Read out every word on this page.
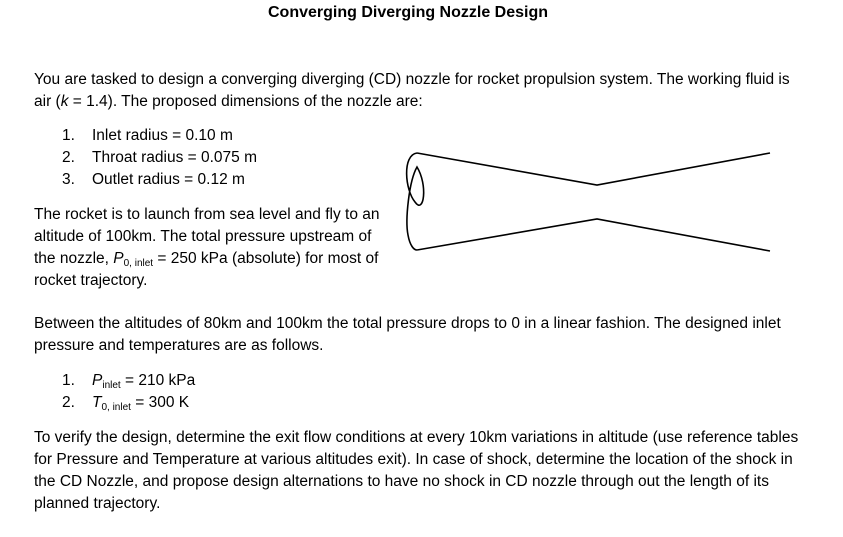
Converging Diverging Nozzle Design

You are tasked to design a converging diverging (CD) nozzle for rocket propulsion system. The working fluid is air (k = 1.4). The proposed dimensions of the nozzle are:

1.	Inlet radius = 0.10 m
2.	Throat radius = 0.075 m
3.	Outlet radius = 0.12 m

The rocket is to launch from sea level and fly to an altitude of 100km. The total pressure upstream of the nozzle, $P_{0, inlet} = 250$ kPa (absolute) for most of rocket trajectory.

Between the altitudes of 80km and 100km the total pressure drops to 0 in a linear fashion. The designed inlet pressure and temperatures are as follows.

1.	$P_{inlet} = 210$ kPa
2.	$T_{0, inlet} = 300$ K

To verify the design, determine the exit flow conditions at every 10km variations in altitude (use reference tables for Pressure and Temperature at various altitudes exit). In case of shock, determine the location of the shock in the CD Nozzle, and propose design alternations to have no shock in CD nozzle through out the length of its planned trajectory.
